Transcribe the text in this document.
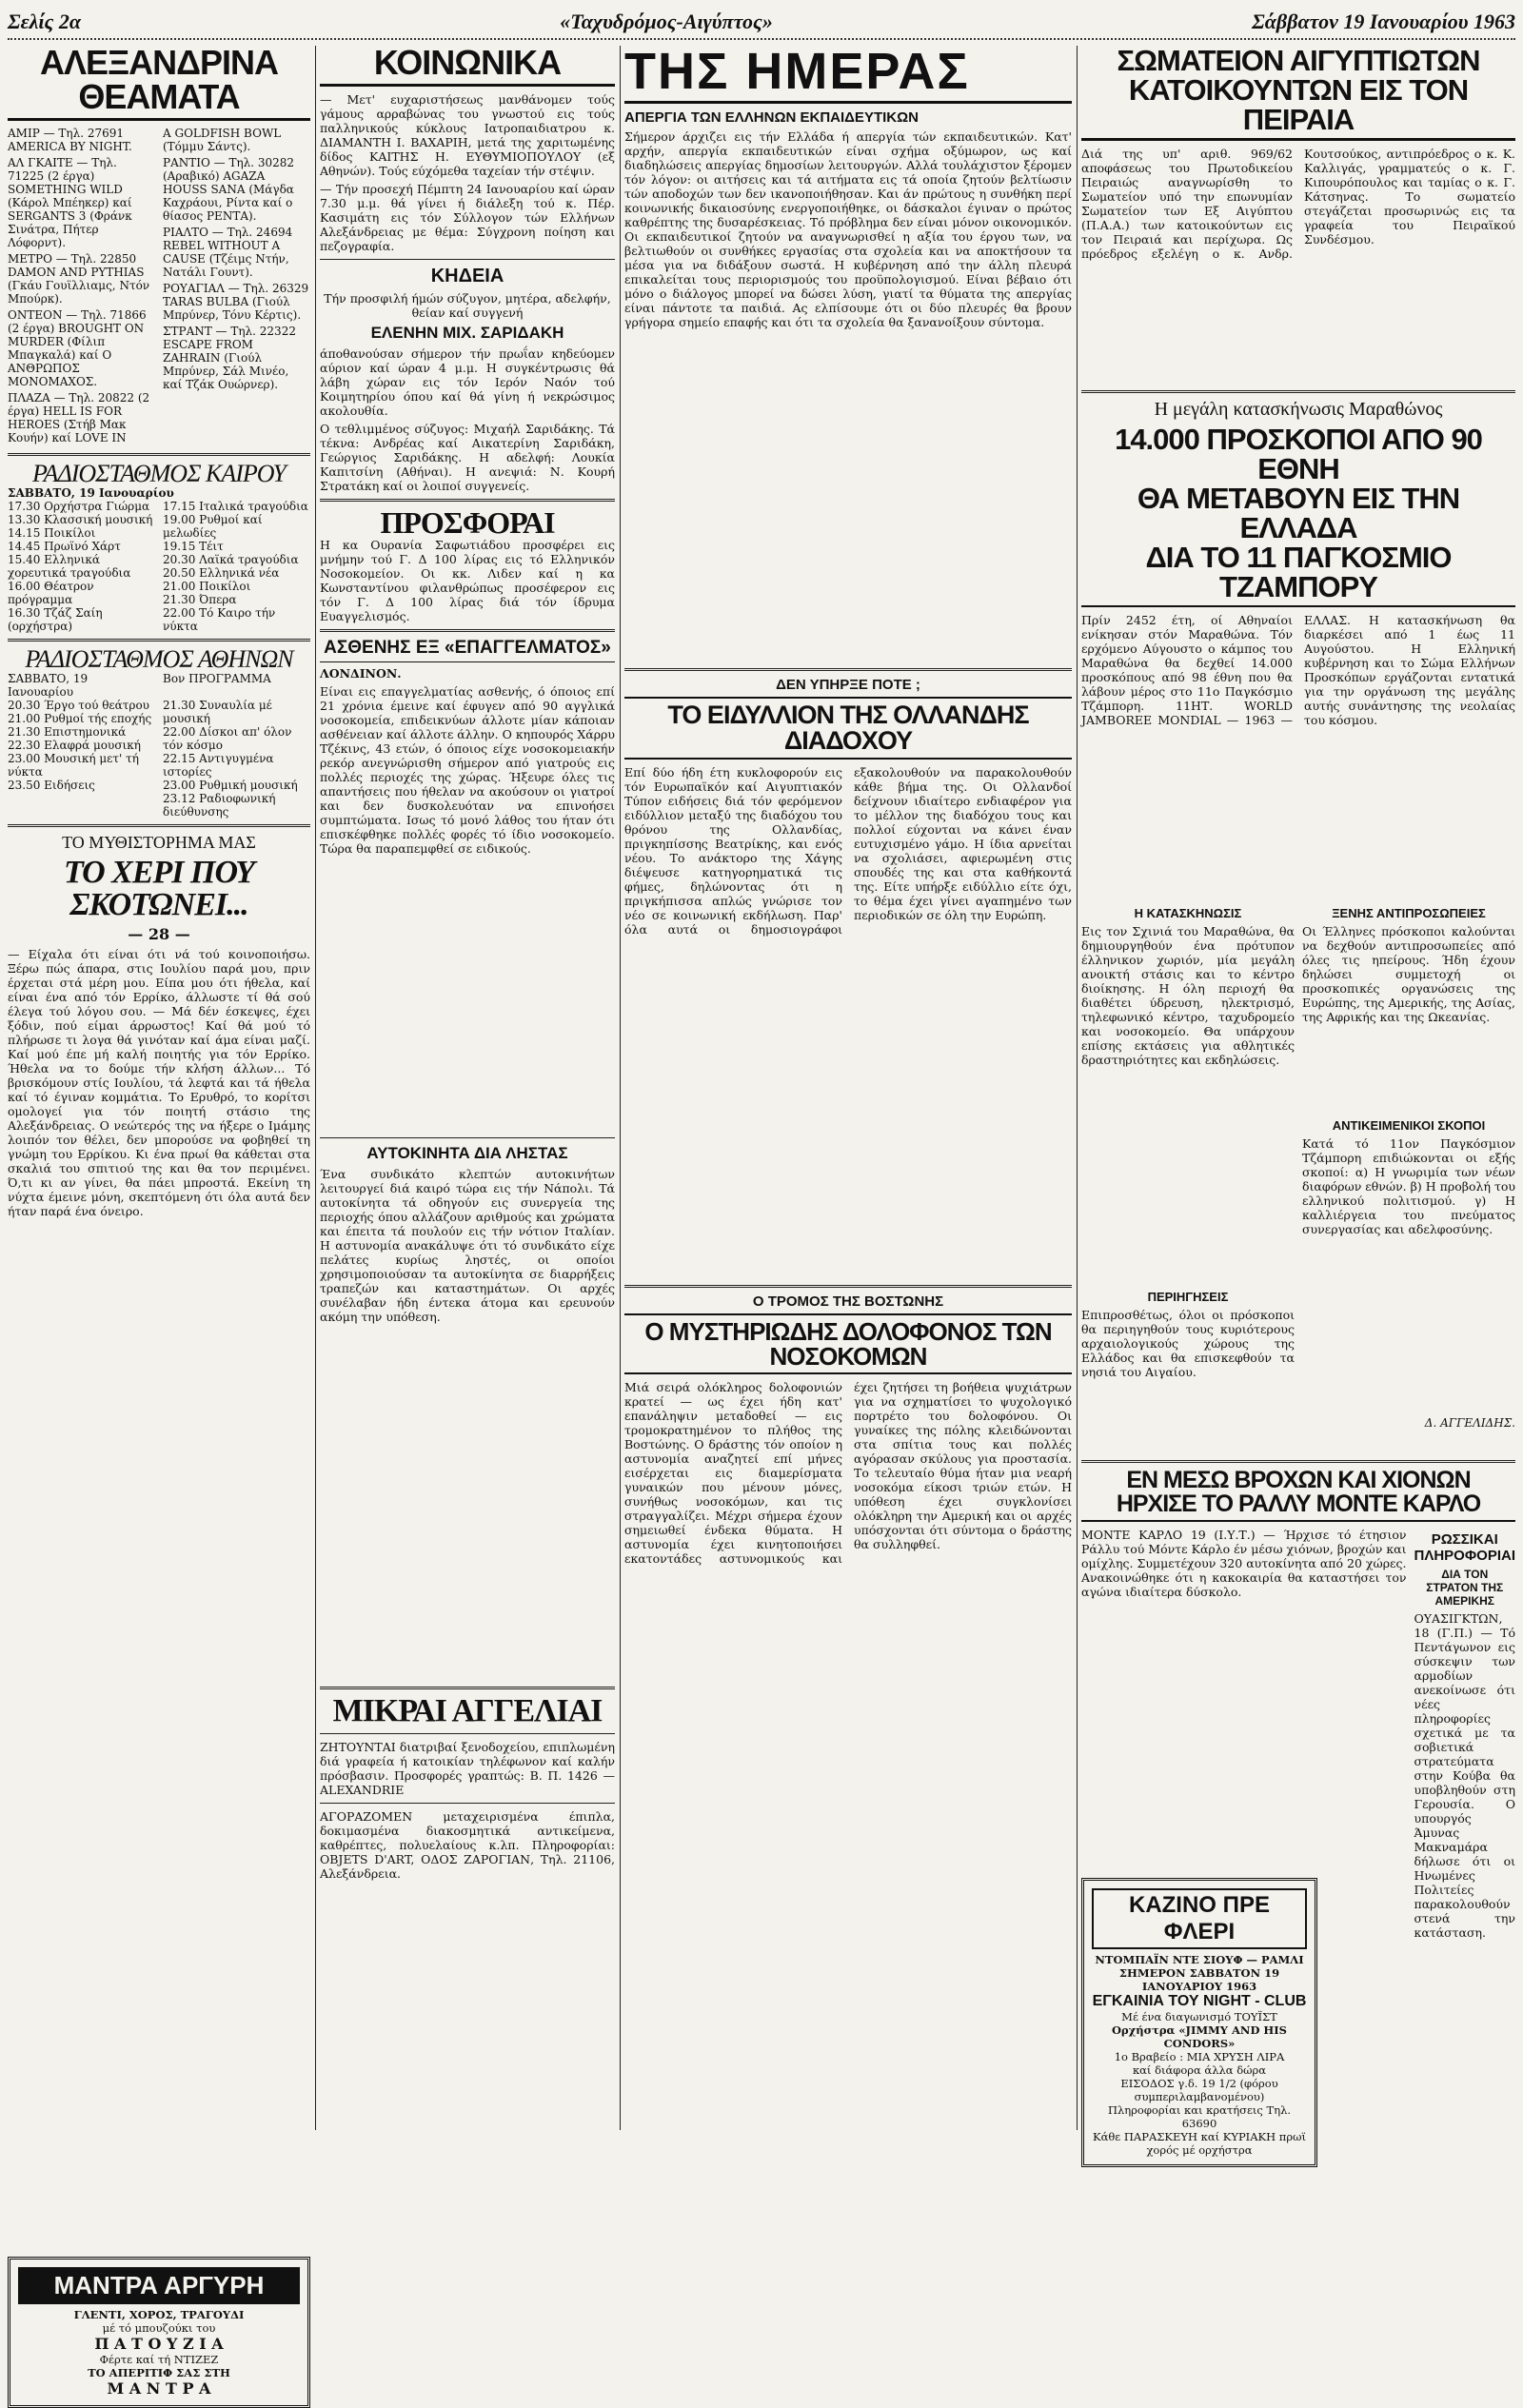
Σελίς 2α	«Ταχυδρόμος-Αιγύπτος»	Σάββατον 19 Ιανουαρίου 1963
ΑΛΕΞΑΝΔΡΙΝΑ ΘΕΑΜΑΤΑ
ΑΜΙΡ — Τηλ. 27691 AMERICA BY NIGHT.
ΑΛ ΓΚΑΙΤΕ — Τηλ. 71225 (2 έργα) SOMETHING WILD (Κάρολ Μπέηκερ) καί SERGANTS 3 (Φράνκ Σινάτρα, Πήτερ Λόφορντ).
ΜΕΤΡΟ — Τηλ. 22850 DAMON AND PYTHIAS (Γκάυ Γουϊλλιαμς, Ντόν Μπούρκ).
ΟΝΤΕΟΝ — Τηλ. 71866 (2 έργα) BROUGHT ON MURDER (Φίλιπ Μπαγκαλά) καί Ο ΑΝΘΡΩΠΟΣ ΜΟΝΟΜΑΧΟΣ.
ΠΛΑΖΑ — Τηλ. 20822 (2 έργα) HELL IS FOR HEROES (Στήβ Μακ Κουήν) καί LOVE IN
A GOLDFISH BOWL (Τόμμυ Σάντς).
ΡΑΝΤΙΟ — Τηλ. 30282 (Αραβικό) AGAZA HOUSS SANA (Μάγδα Καχράουι, Ρίντα καί ο θίασος ΡΕΝΤΑ).
ΡΙΑΛΤΟ — Τηλ. 24694 REBEL WITHOUT A CAUSE (Τζέιμς Ντήν, Νατάλι Γουντ).
ΡΟΥΑΓΙΑΛ — Τηλ. 26329 TARAS BULBA (Γιούλ Μπρύνερ, Τόνυ Κέρτις).
ΣΤΡΑΝΤ — Τηλ. 22322 ESCAPE FROM ZAHRAIN (Γιούλ Μπρύνερ, Σάλ Μινέο, καί Τζάκ Ουώρνερ).
ΡΑΔΙΟΣΤΑΘΜΟΣ ΚΑΙΡΟΥ
ΣΑΒΒΑΤΟ, 19 Ιανουαρίου
17.30 Ορχήστρα Γιώρμα
13.30 Κλασσική μουσική
14.15 Ποικίλοι
14.45 Πρωϊνό Χάρτ
15.40 Ελληνικά χορευτικά τραγούδια
16.00 Θέατρον πρόγραμμα
16.30 Τζάζ Σαίη (ορχήστρα)
17.15 Ιταλικά τραγούδια
19.00 Ρυθμοί καί μελωδίες
19.15 Τέιτ
20.30 Λαϊκά τραγούδια
20.50 Ελληνικά νέα
21.00 Ποικίλοι
21.30 Όπερα
22.00 Τό Καιρο τήν νύκτα
ΡΑΔΙΟΣΤΑΘΜΟΣ ΑΘΗΝΩΝ
ΣΑΒΒΑΤΟ, 19 Ιανουαρίου
Βον ΠΡΟΓΡΑΜΜΑ
20.30 Έργο τού θεάτρου
21.00 Ρυθμοί τής εποχής
21.30 Επιστημονικά
22.30 Ελαφρά μουσική
23.00 Μουσική μετ' τή νύκτα
23.50 Ειδήσεις
21.30 Συναυλία μέ μουσική
22.00 Δίσκοι απ' όλον τόν κόσμο
22.15 Αντιγυγμένα ιστορίες
23.00 Ρυθμική μουσική
23.12 Ραδιοφωνική διεύθυνσης
ΤΟ ΜΥΘΙΣΤΟΡΗΜΑ ΜΑΣ
ΤΟ ΧΕΡΙ ΠΟΥ ΣΚΟΤΩΝΕΙ...
— 28 —

— Είχαλα ότι είναι ότι νά τού κοινοποιήσω. Ξέρω πώς άπαρα, στις Ιουλίου παρά μου, πριν έρχεται στά μέρη μου. Είπα μου ότι ήθελα, καί είναι ένα από τόν Ερρίκο, άλλωστε τί θά σού έλεγα τού λόγου σου. — Μά δέν έσκεψες, έχει ξόδιν, πού είμαι άρρωστος! Καί θά μού τό πλήρωσε τι λογα θά γινόταν καί άμα είναι μαζί. Καί μού έπε μή καλή ποιητής για τόν Ερρίκο. Ήθελα να το δούμε τήν κλήση άλλων... Τό βρισκόμουν στίς Ιουλίου, τά λεφτά και τά ήθελα καί τό έγιναν κομμάτια. Το Ερυθρό, το κορίτσι ομολογεί για τόν ποιητή στάσιο της Αλεξάνδρειας. Ο νεώτερός της να ήξερε ο Ιμάμης λοιπόν τον θέλει, δεν μπορούσε να φοβηθεί τη γνώμη του Ερρίκου. Κι ένα πρωί θα κάθεται στα σκαλιά του σπιτιού της και θα τον περιμένει. Ό,τι κι αν γίνει, θα πάει μπροστά. Εκείνη τη νύχτα έμεινε μόνη, σκεπτόμενη ότι όλα αυτά δεν ήταν παρά ένα όνειρο.

ΜΑΝΤΡΑ ΑΡΓΥΡΗ
ΓΛΕΝΤΙ, ΧΟΡΟΣ, ΤΡΑΓΟΥΔΙ
μέ τό μπουζούκι του
Π Α Τ Ο Υ Ζ Ι Α
Φέρτε καί τή ΝΤΙΖΕΖ
ΤΟ ΑΠΕΡΙΤΙΦ ΣΑΣ ΣΤΗ
Μ Α Ν Τ Ρ Α
ΚΟΙΝΩΝΙΚΑ

— Μετ' ευχαριστήσεως μανθάνομεν τούς γάμους αρραβώνας του γνωστού εις τούς παλληνικούς κύκλους Ιατροπαιδιατρου κ. ΔΙΑΜΑΝΤΗ Ι. ΒΑΧΑΡΙΗ, μετά της χαριτωμένης δίδος ΚΑΙΤΗΣ Η. ΕΥΘΥΜΙΟΠΟΥΛΟΥ (εξ Αθηνών). Τούς εύχόμεθα ταχείαν τήν στέψιν.

— Τήν προσεχή Πέμπτη 24 Ιανουαρίου καί ώραν 7.30 μ.μ. θά γίνει ή διάλεξη τού κ. Πέρ. Κασιμάτη εις τόν Σύλλογον τών Ελλήνων Αλεξάνδρειας με θέμα: Σύγχρονη ποίηση και πεζογραφία.

ΚΗΔΕΙΑ

Τήν προσφιλή ήμών σύζυγον, μητέρα, αδελφήν, θείαν καί συγγενή

ΕΛΕΝΗΝ ΜΙΧ. ΣΑΡΙΔΑΚΗ

άποθανούσαν σήμερον τήν πρωΐαν κηδεύομεν αύριον καί ώραν 4 μ.μ. Η συγκέντρωσις θά λάβη χώραν εις τόν Ιερόν Ναόν τού Κοιμητηρίου όπου καί θά γίνη ή νεκρώσιμος ακολουθία.

Ο τεθλιμμένος σύζυγος: Μιχαήλ Σαριδάκης. Τά τέκνα: Ανδρέας καί Αικατερίνη Σαριδάκη, Γεώργιος Σαριδάκης. Η αδελφή: Λουκία Καπιτσίνη (Αθήναι). Η ανεψιά: Ν. Κουρή Στρατάκη καί οι λοιποί συγγενείς.

ΠΡΟΣΦΟΡΑΙ

Η κα Ουρανία Σαφωτιάδου προσφέρει εις μνήμην τού Γ. Δ 100 λίρας εις τό Ελληνικόν Νοσοκομείον. Οι κκ. Λιδεν καί η κα Κωνσταντίνου φιλανθρώπως προσέφερον εις τόν Γ. Δ 100 λίρας διά τόν ίδρυμα Ευαγγελισμός.

ΑΣΘΕΝΗΣ ΕΞ «ΕΠΑΓΓΕΛΜΑΤΟΣ»
ΛΟΝΔΙΝΟΝ.

Είναι εις επαγγελματίας ασθενής, ό όποιος επί 21 χρόνια έμεινε καί έφυγεν από 90 αγγλικά νοσοκομεία, επιδεικνύων άλλοτε μίαν κάποιαν ασθένειαν καί άλλοτε άλλην. Ο κηπουρός Χάρρυ Τζέκινς, 43 ετών, ό όποιος είχε νοσοκομειακήν ρεκόρ ανεγνώρισθη σήμερον από γιατρούς εις πολλές περιοχές της χώρας. Ήξευρε όλες τις απαντήσεις που ήθελαν να ακούσουν οι γιατροί και δεν δυσκολευόταν να επινοήσει συμπτώματα. Ισως τό μονό λάθος του ήταν ότι επισκέφθηκε πολλές φορές τό ίδιο νοσοκομείο. Τώρα θα παραπεμφθεί σε ειδικούς.

ΑΥΤΟΚΙΝΗΤΑ ΔΙΑ ΛΗΣΤΑΣ

Ένα συνδικάτο κλεπτών αυτοκινήτων λειτουργεί διά καιρό τώρα εις τήν Νάπολι. Τά αυτοκίνητα τά οδηγούν εις συνεργεία της περιοχής όπου αλλάζουν αριθμούς και χρώματα και έπειτα τά πουλούν εις τήν νότιον Ιταλίαν. Η αστυνομία ανακάλυψε ότι τό συνδικάτο είχε πελάτες κυρίως ληστές, οι οποίοι χρησιμοποιούσαν τα αυτοκίνητα σε διαρρήξεις τραπεζών και καταστημάτων. Οι αρχές συνέλαβαν ήδη έντεκα άτομα και ερευνούν ακόμη την υπόθεση.

ΜΙΚΡΑΙ ΑΓΓΕΛΙΑΙ

ΖΗΤΟΥΝΤΑΙ διατριβαί ξενοδοχείου, επιπλωμένη διά γραφεία ή κατοικίαν τηλέφωνον καί καλήν πρόσβασιν. Προσφορές γραπτώς: Β. Π. 1426 — ALEXANDRIE

ΑΓΟΡΑΖΟΜΕΝ μεταχειρισμένα έπιπλα, δοκιμασμένα διακοσμητικά αντικείμενα, καθρέπτες, πολυελαίους κ.λπ. Πληροφορίαι: OBJETS D'ART, ΟΔΟΣ ΖΑΡΟΓΙΑΝ, Τηλ. 21106, Αλεξάνδρεια.

ΤΗΣ ΗΜΕΡΑΣ
ΑΠΕΡΓΙΑ ΤΩΝ ΕΛΛΗΝΩΝ ΕΚΠΑΙΔΕΥΤΙΚΩΝ

Σήμερον άρχιζει εις τήν Ελλάδα ή απεργία τών εκπαιδευτικών. Κατ' αρχήν, απεργία εκπαιδευτικών είναι σχήμα οξύμωρον, ως καί διαδηλώσεις απεργίας δημοσίων λειτουργών. Αλλά τουλάχιστον ξέρομεν τόν λόγον: οι αιτήσεις και τά αιτήματα εις τά οποία ζητούν βελτίωσιν τών αποδοχών των δεν ικανοποιήθησαν. Και άν πρώτους η συνθήκη περί κοινωνικής δικαιοσύνης ενεργοποιήθηκε, οι δάσκαλοι έγιναν ο πρώτος καθρέπτης της δυσαρέσκειας. Τό πρόβλημα δεν είναι μόνον οικονομικόν. Οι εκπαιδευτικοί ζητούν να αναγνωρισθεί η αξία του έργου των, να βελτιωθούν οι συνθήκες εργασίας στα σχολεία και να αποκτήσουν τα μέσα για να διδάξουν σωστά. Η κυβέρνηση από την άλλη πλευρά επικαλείται τους περιορισμούς του προϋπολογισμού. Είναι βέβαιο ότι μόνο ο διάλογος μπορεί να δώσει λύση, γιατί τα θύματα της απεργίας είναι πάντοτε τα παιδιά. Ας ελπίσουμε ότι οι δύο πλευρές θα βρουν γρήγορα σημείο επαφής και ότι τα σχολεία θα ξανανοίξουν σύντομα.

ΔΕΝ ΥΠΗΡΞΕ ΠΟΤΕ ;
ΤΟ ΕΙΔΥΛΛΙΟΝ ΤΗΣ ΟΛΛΑΝΔΗΣ ΔΙΑΔΟΧΟΥ

Επί δύο ήδη έτη κυκλοφορούν εις τόν Ευρωπαϊκόν καί Αιγυπτιακόν Τύπον ειδήσεις διά τόν φερόμενον ειδύλλιον μεταξύ της διαδόχου του θρόνου της Ολλανδίας, πριγκηπίσσης Βεατρίκης, και ενός νέου. Το ανάκτορο της Χάγης διέψευσε κατηγορηματικά τις φήμες, δηλώνοντας ότι η πριγκήπισσα απλώς γνώρισε τον νέο σε κοινωνική εκδήλωση. Παρ' όλα αυτά οι δημοσιογράφοι εξακολουθούν να παρακολουθούν κάθε βήμα της. Οι Ολλανδοί δείχνουν ιδιαίτερο ενδιαφέρον για το μέλλον της διαδόχου τους και πολλοί εύχονται να κάνει έναν ευτυχισμένο γάμο. Η ίδια αρνείται να σχολιάσει, αφιερωμένη στις σπουδές της και στα καθήκοντά της. Είτε υπήρξε ειδύλλιο είτε όχι, το θέμα έχει γίνει αγαπημένο των περιοδικών σε όλη την Ευρώπη.

Ο ΤΡΟΜΟΣ ΤΗΣ ΒΟΣΤΩΝΗΣ
Ο ΜΥΣΤΗΡΙΩΔΗΣ ΔΟΛΟΦΟΝΟΣ ΤΩΝ ΝΟΣΟΚΟΜΩΝ

Μιά σειρά ολόκληρος δολοφονιών κρατεί — ως έχει ήδη κατ' επανάληψιν μεταδοθεί — εις τρομοκρατημένον το πλήθος της Βοστώνης. Ο δράστης τόν οποίον η αστυνομία αναζητεί επί μήνες εισέρχεται εις διαμερίσματα γυναικών που μένουν μόνες, συνήθως νοσοκόμων, και τις στραγγαλίζει. Μέχρι σήμερα έχουν σημειωθεί ένδεκα θύματα. Η αστυνομία έχει κινητοποιήσει εκατοντάδες αστυνομικούς και έχει ζητήσει τη βοήθεια ψυχιάτρων για να σχηματίσει το ψυχολογικό πορτρέτο του δολοφόνου. Οι γυναίκες της πόλης κλειδώνονται στα σπίτια τους και πολλές αγόρασαν σκύλους για προστασία. Το τελευταίο θύμα ήταν μια νεαρή νοσοκόμα είκοσι τριών ετών. Η υπόθεση έχει συγκλονίσει ολόκληρη την Αμερική και οι αρχές υπόσχονται ότι σύντομα ο δράστης θα συλληφθεί.

ΣΩΜΑΤΕΙΟΝ ΑΙΓΥΠΤΙΩΤΩΝ
ΚΑΤΟΙΚΟΥΝΤΩΝ ΕΙΣ ΤΟΝ ΠΕΙΡΑΙΑ

Διά της υπ' αριθ. 969/62 αποφάσεως του Πρωτοδικείου Πειραιώς αναγνωρίσθη το Σωματείον υπό την επωνυμίαν Σωματείον των Εξ Αιγύπτου (Π.Α.Α.) των κατοικούντων εις τον Πειραιά και περίχωρα. Ως πρόεδρος εξελέγη ο κ. Ανδρ. Κουτσούκος, αντιπρόεδρος ο κ. Κ. Καλλιγάς, γραμματεύς ο κ. Γ. Κιπουρόπουλος και ταμίας ο κ. Γ. Κάτσηνας. Το σωματείο στεγάζεται προσωρινώς εις τα γραφεία του Πειραϊκού Συνδέσμου.

Η μεγάλη κατασκήνωσις Μαραθώνος
14.000 ΠΡΟΣΚΟΠΟΙ ΑΠΟ 90 ΕΘΝΗ
ΘΑ ΜΕΤΑΒΟΥΝ ΕΙΣ ΤΗΝ ΕΛΛΑΔΑ
ΔΙΑ ΤΟ 11 ΠΑΓΚΟΣΜΙΟ ΤΖΑΜΠΟΡΥ

Πρίν 2452 έτη, οί Αθηναίοι ενίκησαν στόν Μαραθώνα. Τόν ερχόμενο Αύγουστο ο κάμπος του Μαραθώνα θα δεχθεί 14.000 προσκόπους από 98 έθνη που θα λάβουν μέρος στο 11ο Παγκόσμιο Τζάμπορη. 11ΗΤ. WORLD JAMBOREE MONDIAL — 1963 — ΕΛΛΑΣ. Η κατασκήνωση θα διαρκέσει από 1 έως 11 Αυγούστου. Η Ελληνική κυβέρνηση και το Σώμα Ελλήνων Προσκόπων εργάζονται εντατικά για την οργάνωση της μεγάλης αυτής συνάντησης της νεολαίας του κόσμου.

Η ΚΑΤΑΣΚΗΝΩΣΙΣ

Εις τον Σχινιά του Μαραθώνα, θα δημιουργηθούν ένα πρότυπον έλληνικον χωριόν, μία μεγάλη ανοικτή στάσις και το κέντρο διοίκησης. Η όλη περιοχή θα διαθέτει ύδρευση, ηλεκτρισμό, τηλεφωνικό κέντρο, ταχυδρομείο και νοσοκομείο. Θα υπάρχουν επίσης εκτάσεις για αθλητικές δραστηριότητες και εκδηλώσεις.

ΠΕΡΙΗΓΗΣΕΙΣ

Επιπροσθέτως, όλοι οι πρόσκοποι θα περιηγηθούν τους κυριότερους αρχαιολογικούς χώρους της Ελλάδος και θα επισκεφθούν τα νησιά του Αιγαίου.

ΞΕΝΗΣ ΑΝΤΙΠΡΟΣΩΠΕΙΕΣ

Οι Έλληνες πρόσκοποι καλούνται να δεχθούν αντιπροσωπείες από όλες τις ηπείρους. Ήδη έχουν δηλώσει συμμετοχή οι προσκοπικές οργανώσεις της Ευρώπης, της Αμερικής, της Ασίας, της Αφρικής και της Ωκεανίας.

ΑΝΤΙΚΕΙΜΕΝΙΚΟΙ ΣΚΟΠΟΙ

Κατά τό 11ον Παγκόσμιον Τζάμπορη επιδιώκονται οι εξής σκοποί: α) Η γνωριμία των νέων διαφόρων εθνών. β) Η προβολή του ελληνικού πολιτισμού. γ) Η καλλιέργεια του πνεύματος συνεργασίας και αδελφοσύνης.

Δ. ΑΓΓΕΛΙΔΗΣ.
ΕΝ ΜΕΣΩ ΒΡΟΧΩΝ ΚΑΙ ΧΙΟΝΩΝ
ΗΡΧΙΣΕ ΤΟ ΡΑΛΛΥ ΜΟΝΤΕ ΚΑΡΛΟ

ΜΟΝΤΕ ΚΑΡΛΟ 19 (Ι.Υ.Τ.) — Ήρχισε τό έτησιον Ράλλυ τού Μόντε Κάρλο έν μέσω χιόνων, βροχών και ομίχλης. Συμμετέχουν 320 αυτοκίνητα από 20 χώρες. Ανακοινώθηκε ότι η κακοκαιρία θα καταστήσει τον αγώνα ιδιαίτερα δύσκολο.

ΡΩΣΣΙΚΑΙ ΠΛΗΡΟΦΟΡΙΑΙ
ΔΙΑ ΤΟΝ ΣΤΡΑΤΟΝ ΤΗΣ ΑΜΕΡΙΚΗΣ

ΟΥΑΣΙΓΚΤΩΝ, 18 (Γ.Π.) — Τό Πεντάγωνον εις σύσκεψιν των αρμοδίων ανεκοίνωσε ότι νέες πληροφορίες σχετικά με τα σοβιετικά στρατεύματα στην Κούβα θα υποβληθούν στη Γερουσία. Ο υπουργός Άμυνας Μακναμάρα δήλωσε ότι οι Ηνωμένες Πολιτείες παρακολουθούν στενά την κατάσταση.

ΚΑΖΙΝΟ ΠΡΕ ΦΛΕΡΙ
ΝΤΟΜΠΑΪΝ ΝΤΕ ΣΙΟΥΦ — ΡΑΜΛΙ
ΣΗΜΕΡΟΝ ΣΑΒΒΑΤΟΝ 19 ΙΑΝΟΥΑΡΙΟΥ 1963
ΕΓΚΑΙΝΙΑ ΤΟΥ NIGHT - CLUB
Μέ ένα διαγωνισμό ΤΟΥΪΣΤ
Ορχήστρα «JIMMY AND HIS CONDORS»
1ο Βραβείο : ΜΙΑ ΧΡΥΣΗ ΛΙΡΑ
καί διάφορα άλλα δώρα
ΕΙΣΟΔΟΣ γ.δ. 19 1/2 (φόρου συμπεριλαμβανομένου)
Πληροφορίαι και κρατήσεις Τηλ. 63690
Κάθε ΠΑΡΑΣΚΕΥΗ καί ΚΥΡΙΑΚΗ πρωϊ χορός μέ ορχήστρα
